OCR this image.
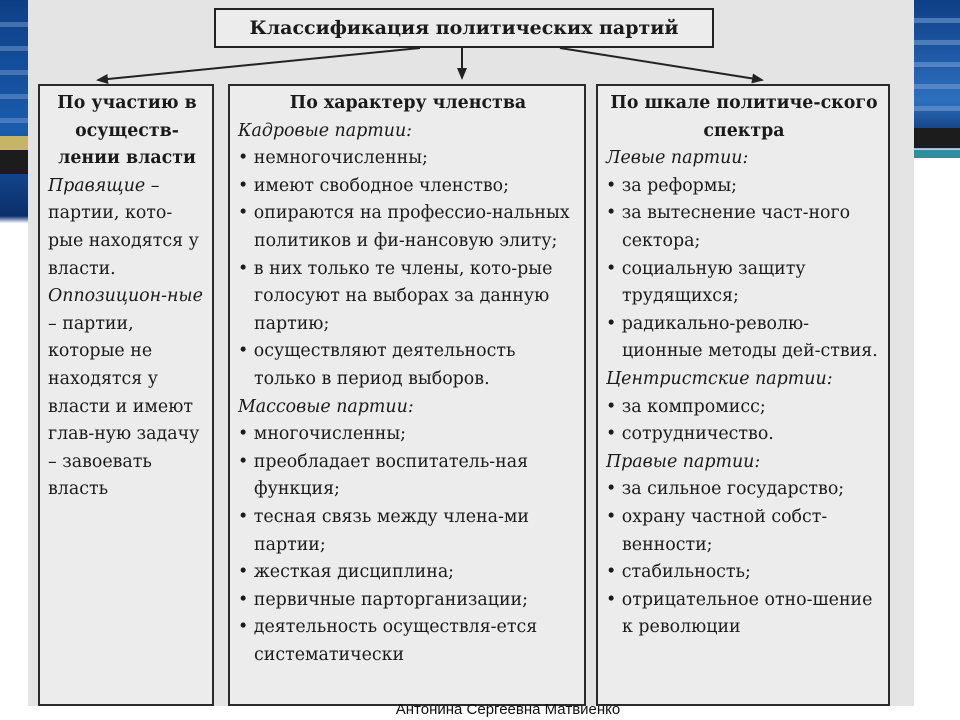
Классификация политических партий
По участию в осуществ-лении власти
Правящие – партии, кото-рые находятся у власти.
Оппозицион-ные – партии, которые не находятся у власти и имеют глав-ную задачу – завоевать власть
По характеру членства
Кадровые партии:
• немногочисленны;
• имеют свободное членство;
• опираются на профессио-нальных политиков и фи-нансовую элиту;
• в них только те члены, кото-рые голосуют на выборах за данную партию;
• осуществляют деятельность только в период выборов.
Массовые партии:
• многочисленны;
• преобладает воспитатель-ная функция;
• тесная связь между члена-ми партии;
• жесткая дисциплина;
• первичные парторганизации;
• деятельность осуществля-ется систематически
По шкале политиче-ского спектра
Левые партии:
• за реформы;
• за вытеснение част-ного сектора;
• социальную защиту трудящихся;
• радикально-револю-ционные методы дей-ствия.
Центристские партии:
• за компромисс;
• сотрудничество.
Правые партии:
• за сильное государство;
• охрану частной собст-венности;
• стабильность;
• отрицательное отно-шение к революции
Антонина Сергеевна Матвиенко
